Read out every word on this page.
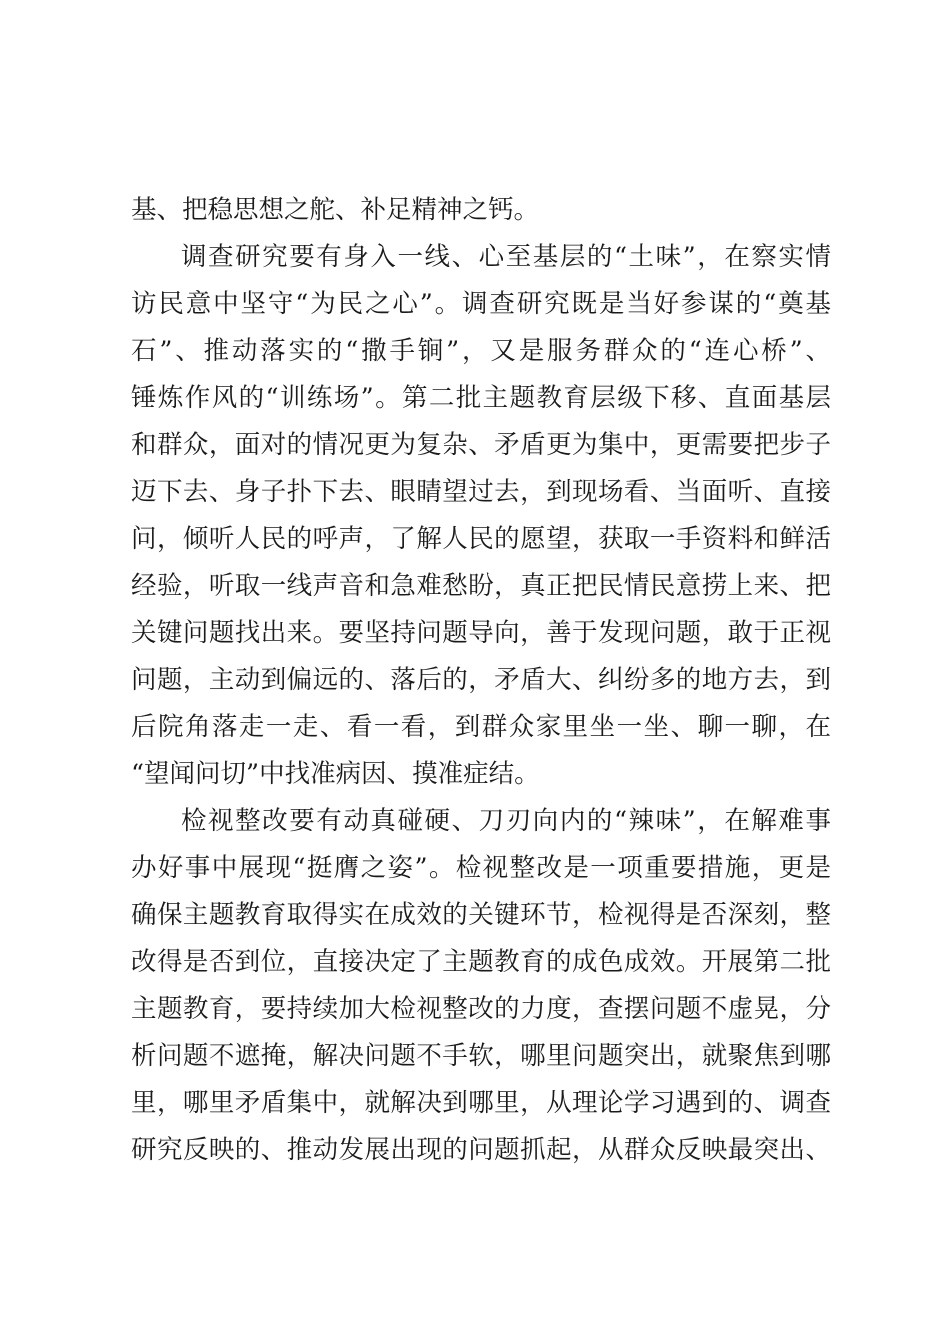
基、把稳思想之舵、补足精神之钙。
调查研究要有身入一线、心至基层的“土味”，在察实情
访民意中坚守“为民之心”。调查研究既是当好参谋的“奠基
石”、推动落实的“撒手锏”，又是服务群众的“连心桥”、
锤炼作风的“训练场”。第二批主题教育层级下移、直面基层
和群众，面对的情况更为复杂、矛盾更为集中，更需要把步子
迈下去、身子扑下去、眼睛望过去，到现场看、当面听、直接
问，倾听人民的呼声，了解人民的愿望，获取一手资料和鲜活
经验，听取一线声音和急难愁盼，真正把民情民意捞上来、把
关键问题找出来。要坚持问题导向，善于发现问题，敢于正视
问题，主动到偏远的、落后的，矛盾大、纠纷多的地方去，到
后院角落走一走、看一看，到群众家里坐一坐、聊一聊，在
“望闻问切”中找准病因、摸准症结。
检视整改要有动真碰硬、刀刃向内的“辣味”，在解难事
办好事中展现“挺膺之姿”。检视整改是一项重要措施，更是
确保主题教育取得实在成效的关键环节，检视得是否深刻，整
改得是否到位，直接决定了主题教育的成色成效。开展第二批
主题教育，要持续加大检视整改的力度，查摆问题不虚晃，分
析问题不遮掩，解决问题不手软，哪里问题突出，就聚焦到哪
里，哪里矛盾集中，就解决到哪里，从理论学习遇到的、调查
研究反映的、推动发展出现的问题抓起，从群众反映最突出、
